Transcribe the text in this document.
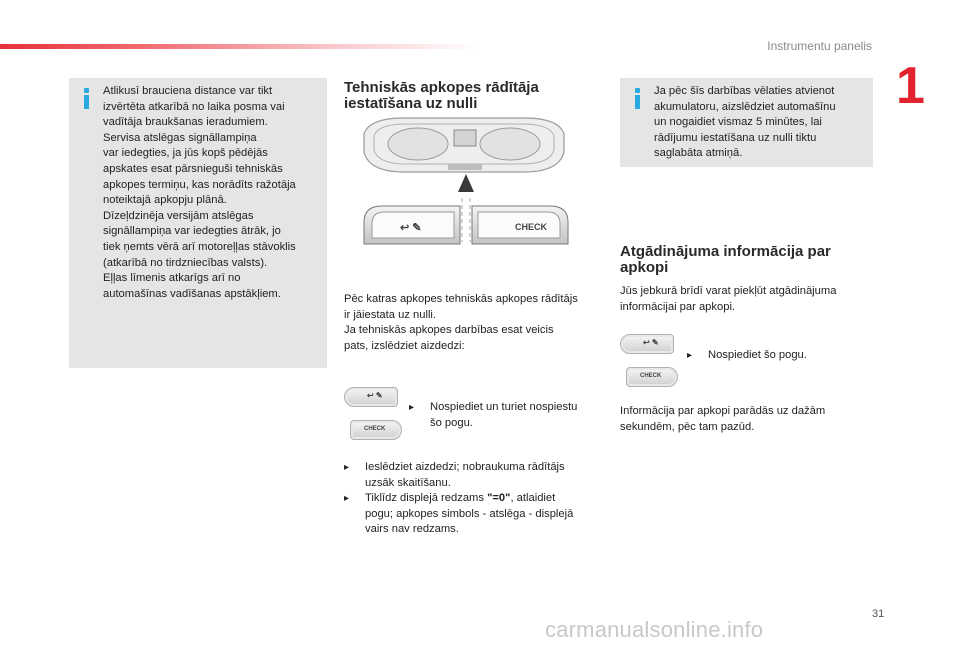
Instrumentu panelis
1
Atlikusī brauciena distance var tikt
izvērtēta atkarībā no laika posma vai
vadītāja braukšanas ieradumiem.
Servisa atslēgas signāllampiņa
var iedegties, ja jūs kopš pēdējās
apskates esat pārsnieguši tehniskās
apkopes termiņu, kas norādīts ražotāja
noteiktajā apkopju plānā.
Dīzeļdzinēja versijām atslēgas
signāllampiņa var iedegties ātrāk, jo
tiek ņemts vērā arī motoreļļas stāvoklis
(atkarībā no tirdzniecības valsts).
Eļļas līmenis atkarīgs arī no
automašīnas vadīšanas apstākļiem.
Tehniskās apkopes rādītāja
iestatīšana uz nulli
↩ ✎	CHECK
Pēc katras apkopes tehniskās apkopes rādītājs
ir jāiestata uz nulli.
Ja tehniskās apkopes darbības esat veicis
pats, izslēdziet aizdedzi:
↩ ✎
CHECK
▸ Nospiediet un turiet nospiestu
šo pogu.
▸ Ieslēdziet aizdedzi; nobraukuma rādītājs
uzsāk skaitīšanu.
▸ Tiklīdz displejā redzams "=0", atlaidiet
pogu; apkopes simbols - atslēga - displejā
vairs nav redzams.
Ja pēc šīs darbības vēlaties atvienot
akumulatoru, aizslēdziet automašīnu
un nogaidiet vismaz 5 minūtes, lai
rādījumu iestatīšana uz nulli tiktu
saglabāta atmiņā.
Atgādinājuma informācija par
apkopi
Jūs jebkurā brīdī varat piekļūt atgādinājuma
informācijai par apkopi.
↩ ✎
CHECK
▸ Nospiediet šo pogu.
Informācija par apkopi parādās uz dažām
sekundēm, pēc tam pazūd.
31
carmanualsonline.info
